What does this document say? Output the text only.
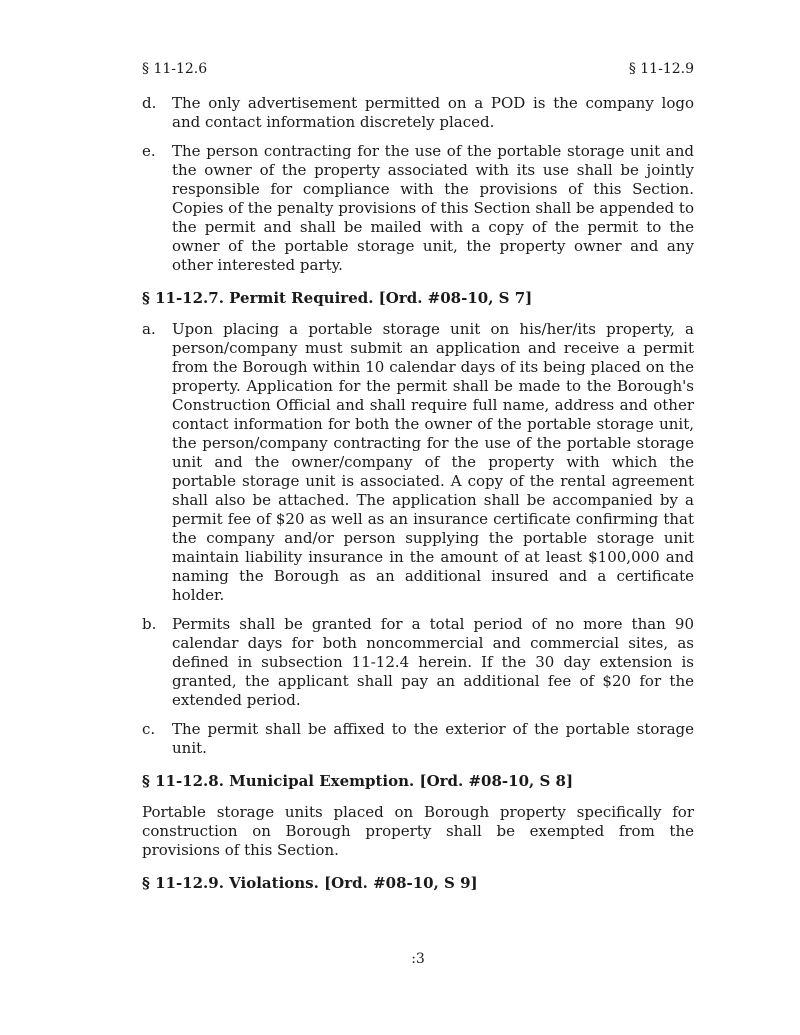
§ 11-12.6	§ 11-12.9
d.	The only advertisement permitted on a POD is the company logo and contact information discretely placed.
e.	The person contracting for the use of the portable storage unit and the owner of the property associated with its use shall be jointly responsible for compliance with the provisions of this Section. Copies of the penalty provisions of this Section shall be appended to the permit and shall be mailed with a copy of the permit to the owner of the portable storage unit, the property owner and any other interested party.
§ 11-12.7. Permit Required. [Ord. #08-10, S 7]
a.	Upon placing a portable storage unit on his/her/its property, a person/company must submit an application and receive a permit from the Borough within 10 calendar days of its being placed on the property. Application for the permit shall be made to the Borough's Construction Official and shall require full name, address and other contact information for both the owner of the portable storage unit, the person/company contracting for the use of the portable storage unit and the owner/company of the property with which the portable storage unit is associated. A copy of the rental agreement shall also be attached. The application shall be accompanied by a permit fee of $20 as well as an insurance certificate confirming that the company and/or person supplying the portable storage unit maintain liability insurance in the amount of at least $100,000 and naming the Borough as an additional insured and a certificate holder.
b.	Permits shall be granted for a total period of no more than 90 calendar days for both noncommercial and commercial sites, as defined in subsection 11-12.4 herein. If the 30 day extension is granted, the applicant shall pay an additional fee of $20 for the extended period.
c.	The permit shall be affixed to the exterior of the portable storage unit.
§ 11-12.8. Municipal Exemption. [Ord. #08-10, S 8]
Portable storage units placed on Borough property specifically for construction on Borough property shall be exempted from the provisions of this Section.
§ 11-12.9. Violations. [Ord. #08-10, S 9]
:3
